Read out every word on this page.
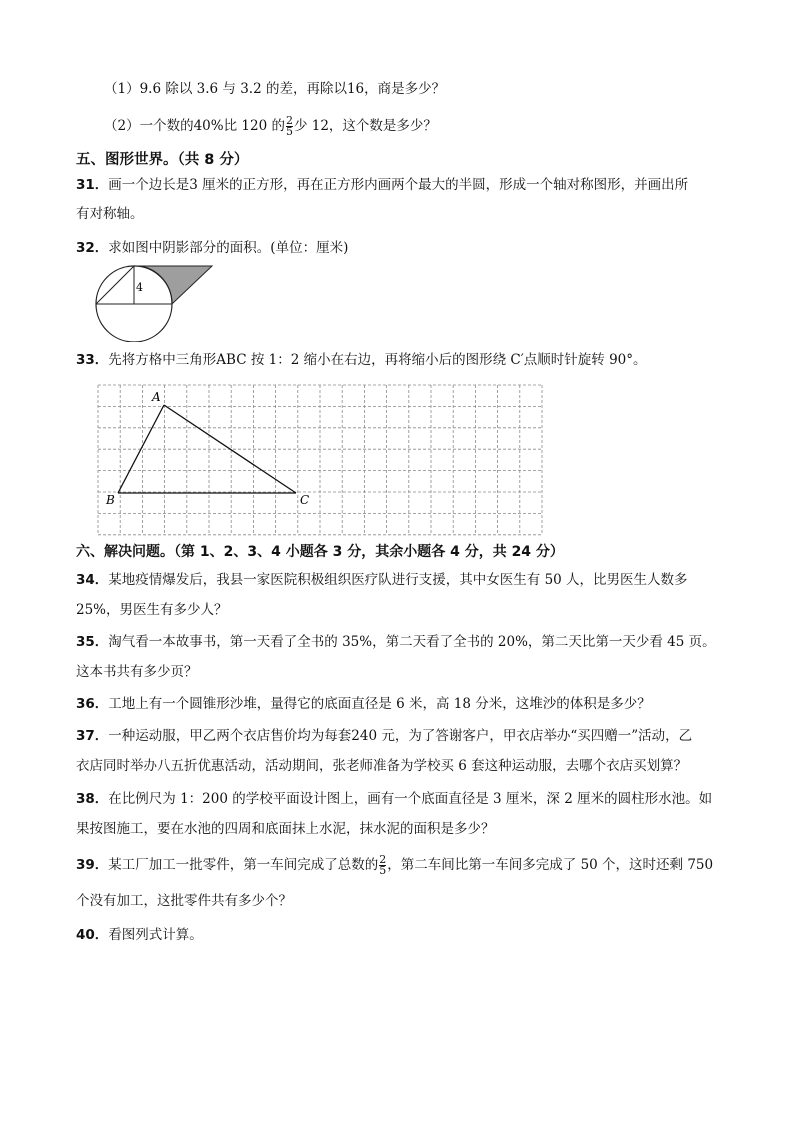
（1）9.6 除以 3.6 与 3.2 的差，再除以16，商是多少？
（2）一个数的40%比 120 的 $\frac{2}{5}$ 少 12，这个数是多少？
五、图形世界。（共 8 分）
31．画一个边长是3 厘米的正方形，再在正方形内画两个最大的半圆，形成一个轴对称图形，并画出所
有对称轴。
32．求如图中阴影部分的面积。(单位：厘米)
4
33．先将方格中三角形ABC 按 1：2 缩小在右边，再将缩小后的图形绕 C′点顺时针旋转 90°。
A
B	C
六、解决问题。（第 1、2、3、4 小题各 3 分，其余小题各 4 分，共 24 分）
34．某地疫情爆发后，我县一家医院积极组织医疗队进行支援，其中女医生有 50 人，比男医生人数多
25%，男医生有多少人？
35．淘气看一本故事书，第一天看了全书的 35%，第二天看了全书的 20%，第二天比第一天少看 45 页。
这本书共有多少页？
36．工地上有一个圆锥形沙堆，量得它的底面直径是 6 米，高 18 分米，这堆沙的体积是多少？
37．一种运动服，甲乙两个衣店售价均为每套240 元，为了答谢客户，甲衣店举办“买四赠一”活动，乙
衣店同时举办八五折优惠活动，活动期间，张老师准备为学校买 6 套这种运动服，去哪个衣店买划算？
38．在比例尺为 1：200 的学校平面设计图上，画有一个底面直径是 3 厘米，深 2 厘米的圆柱形水池。如
果按图施工，要在水池的四周和底面抹上水泥，抹水泥的面积是多少？
39．某工厂加工一批零件，第一车间完成了总数的 $\frac{2}{5}$ ，第二车间比第一车间多完成了 50 个，这时还剩 750
个没有加工，这批零件共有多少个？
40．看图列式计算。
